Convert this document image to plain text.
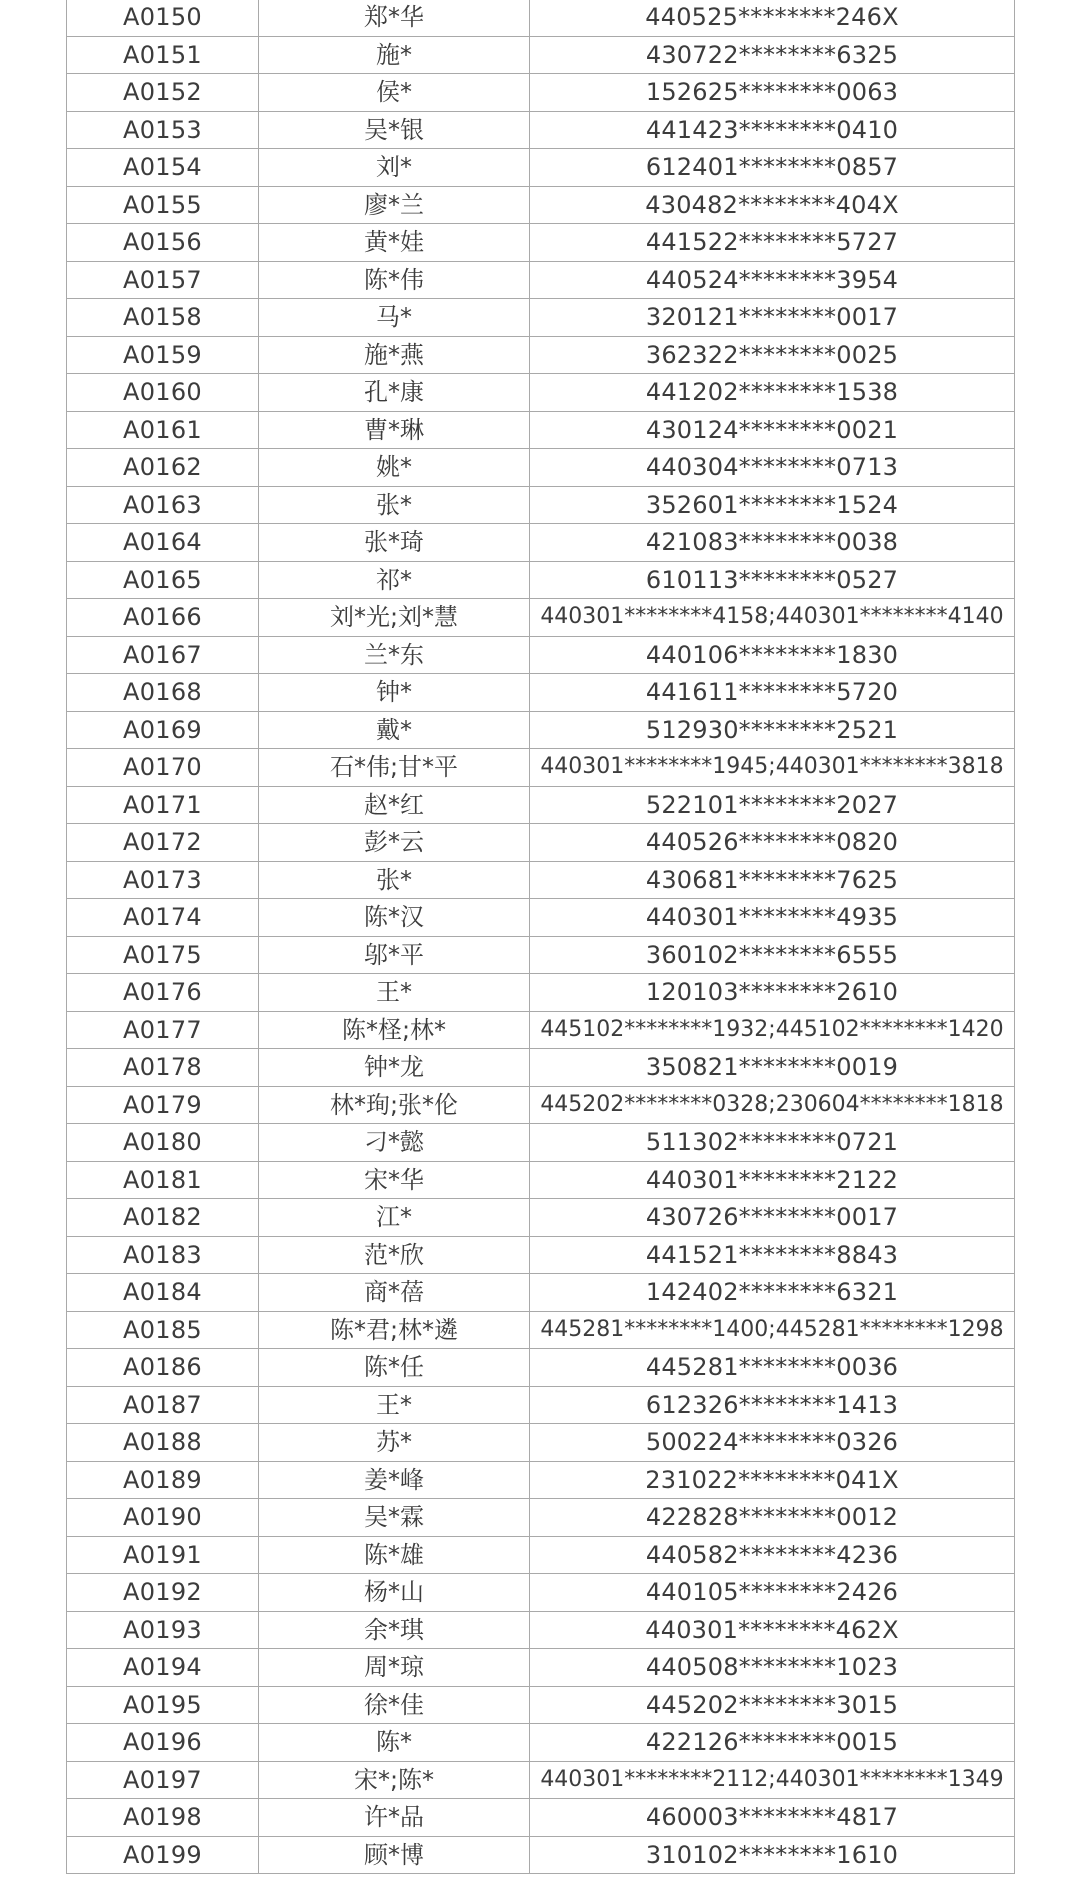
A0150	郑*华	440525********246X
A0151	施*	430722********6325
A0152	侯*	152625********0063
A0153	吴*银	441423********0410
A0154	刘*	612401********0857
A0155	廖*兰	430482********404X
A0156	黄*娃	441522********5727
A0157	陈*伟	440524********3954
A0158	马*	320121********0017
A0159	施*燕	362322********0025
A0160	孔*康	441202********1538
A0161	曹*琳	430124********0021
A0162	姚*	440304********0713
A0163	张*	352601********1524
A0164	张*琦	421083********0038
A0165	祁*	610113********0527
A0166	刘*光;刘*慧	440301********4158;440301********4140
A0167	兰*东	440106********1830
A0168	钟*	441611********5720
A0169	戴*	512930********2521
A0170	石*伟;甘*平	440301********1945;440301********3818
A0171	赵*红	522101********2027
A0172	彭*云	440526********0820
A0173	张*	430681********7625
A0174	陈*汉	440301********4935
A0175	邬*平	360102********6555
A0176	王*	120103********2610
A0177	陈*柽;林*	445102********1932;445102********1420
A0178	钟*龙	350821********0019
A0179	林*珣;张*伦	445202********0328;230604********1818
A0180	刁*懿	511302********0721
A0181	宋*华	440301********2122
A0182	江*	430726********0017
A0183	范*欣	441521********8843
A0184	商*蓓	142402********6321
A0185	陈*君;林*遴	445281********1400;445281********1298
A0186	陈*任	445281********0036
A0187	王*	612326********1413
A0188	苏*	500224********0326
A0189	姜*峰	231022********041X
A0190	吴*霖	422828********0012
A0191	陈*雄	440582********4236
A0192	杨*山	440105********2426
A0193	余*琪	440301********462X
A0194	周*琼	440508********1023
A0195	徐*佳	445202********3015
A0196	陈*	422126********0015
A0197	宋*;陈*	440301********2112;440301********1349
A0198	许*品	460003********4817
A0199	顾*博	310102********1610
